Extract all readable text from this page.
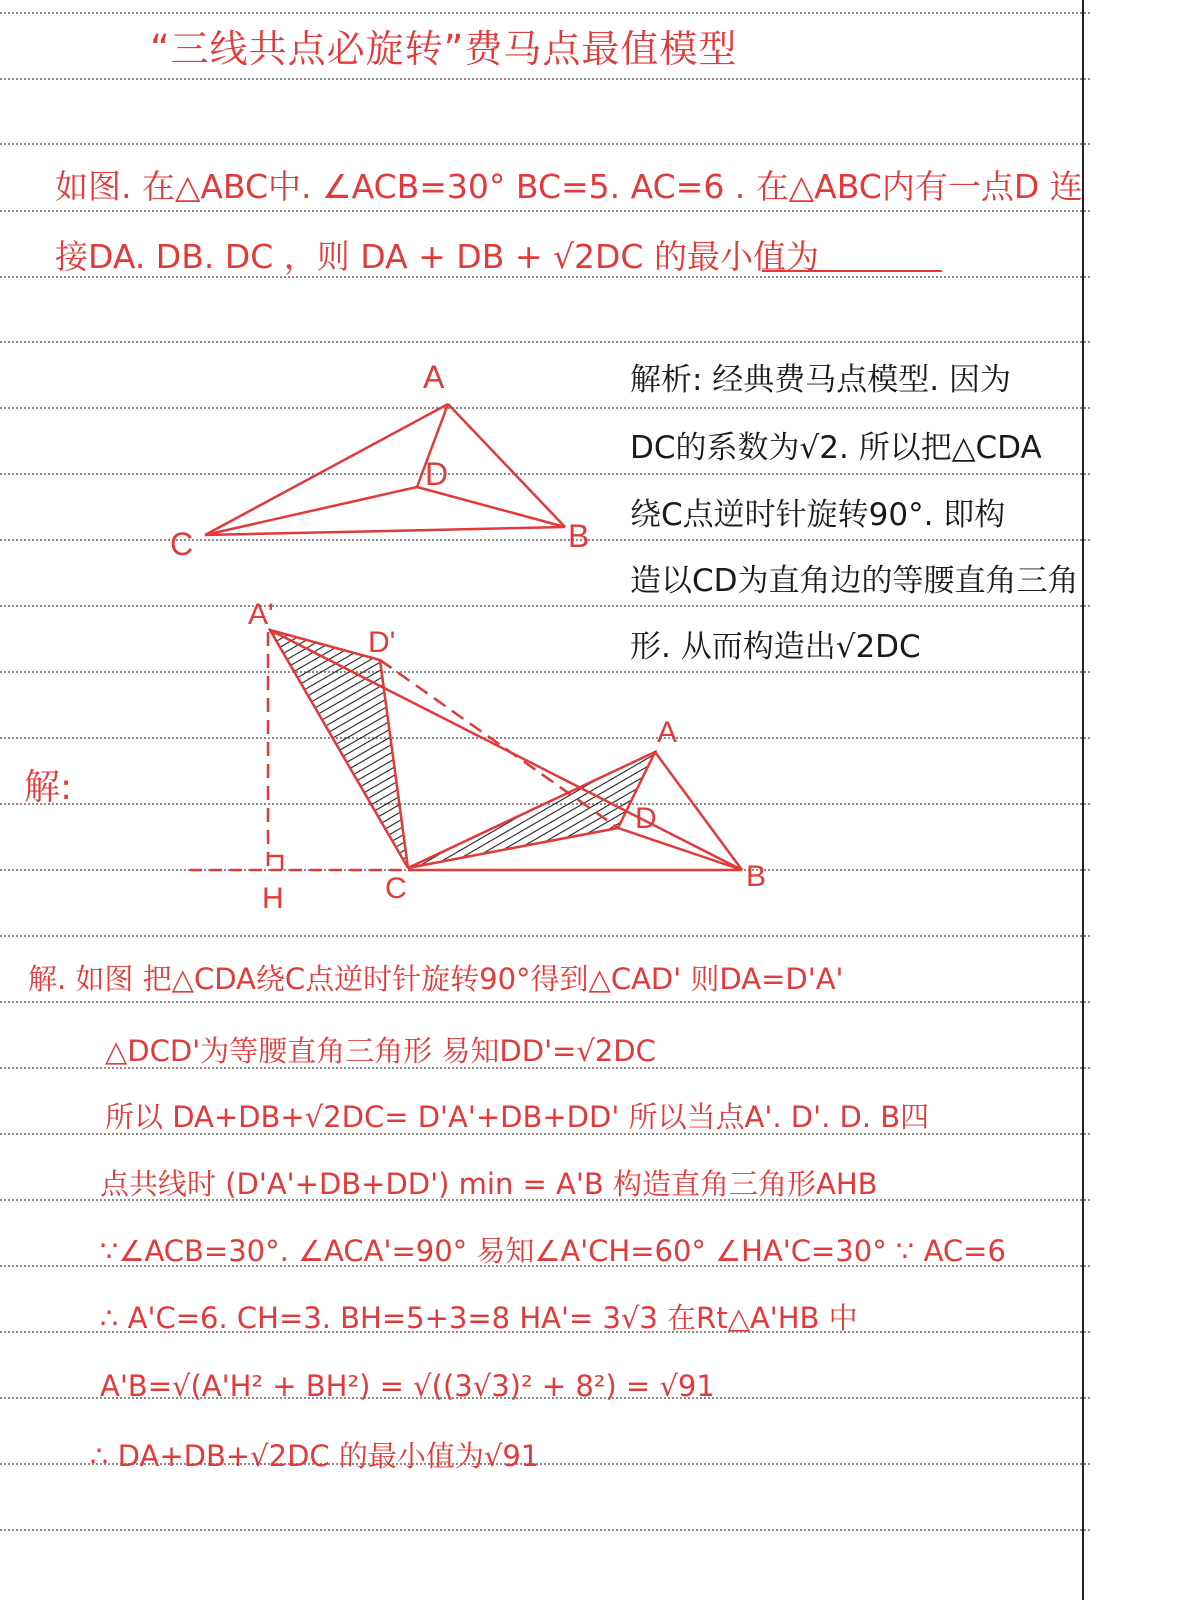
“三线共点必旋转”费马点最值模型
如图. 在△ABC中. ∠ACB=30° BC=5. AC=6 . 在△ABC内有一点D 连
接DA. DB. DC ，则 DA + DB + √2DC 的最小值为
解析: 经典费马点模型. 因为
DC的系数为√2. 所以把△CDA
绕C点逆时针旋转90°. 即构
造以CD为直角边的等腰直角三角
形. 从而构造出√2DC
A
B
C
D
解:
A'
D'
A
D
B
C
H
解. 如图 把△CDA绕C点逆时针旋转90°得到△CAD' 则DA=D'A'
△DCD'为等腰直角三角形 易知DD'=√2DC
所以 DA+DB+√2DC= D'A'+DB+DD' 所以当点A'. D'. D. B四
点共线时 (D'A'+DB+DD') min = A'B 构造直角三角形AHB
∵∠ACB=30°. ∠ACA'=90° 易知∠A'CH=60° ∠HA'C=30° ∵ AC=6
∴ A'C=6. CH=3. BH=5+3=8 HA'= 3√3 在Rt△A'HB 中
A'B=√(A'H² + BH²) = √((3√3)² + 8²) = √91
∴ DA+DB+√2DC 的最小值为√91
